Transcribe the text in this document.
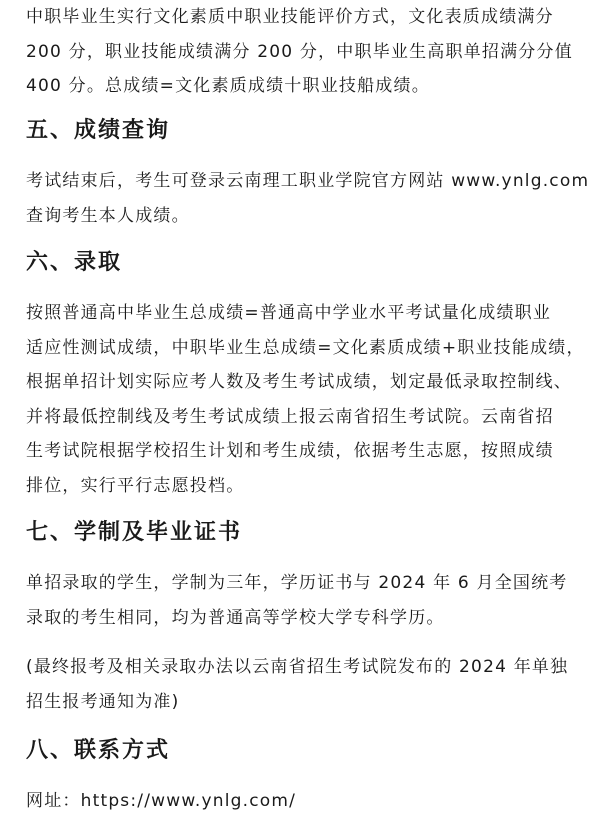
中职毕业生实行文化素质中职业技能评价方式，文化表质成绩满分
200 分，职业技能成绩满分 200 分，中职毕业生高职单招满分分值
400 分。总成绩=文化素质成绩十职业技船成绩。

五、成绩查询

考试结束后，考生可登录云南理工职业学院官方网站 www.ynlg.com
查询考生本人成绩。

六、录取

按照普通高中毕业生总成绩=普通高中学业水平考试量化成绩职业
适应性测试成绩，中职毕业生总成绩=文化素质成绩+职业技能成绩，
根据单招计划实际应考人数及考生考试成绩，划定最低录取控制线、
并将最低控制线及考生考试成绩上报云南省招生考试院。云南省招
生考试院根据学校招生计划和考生成绩，依据考生志愿，按照成绩
排位，实行平行志愿投档。

七、学制及毕业证书

单招录取的学生，学制为三年，学历证书与 2024 年 6 月全国统考
录取的考生相同，均为普通高等学校大学专科学历。

(最终报考及相关录取办法以云南省招生考试院发布的 2024 年单独
招生报考通知为准)

八、联系方式

网址：https://www.ynlg.com/
